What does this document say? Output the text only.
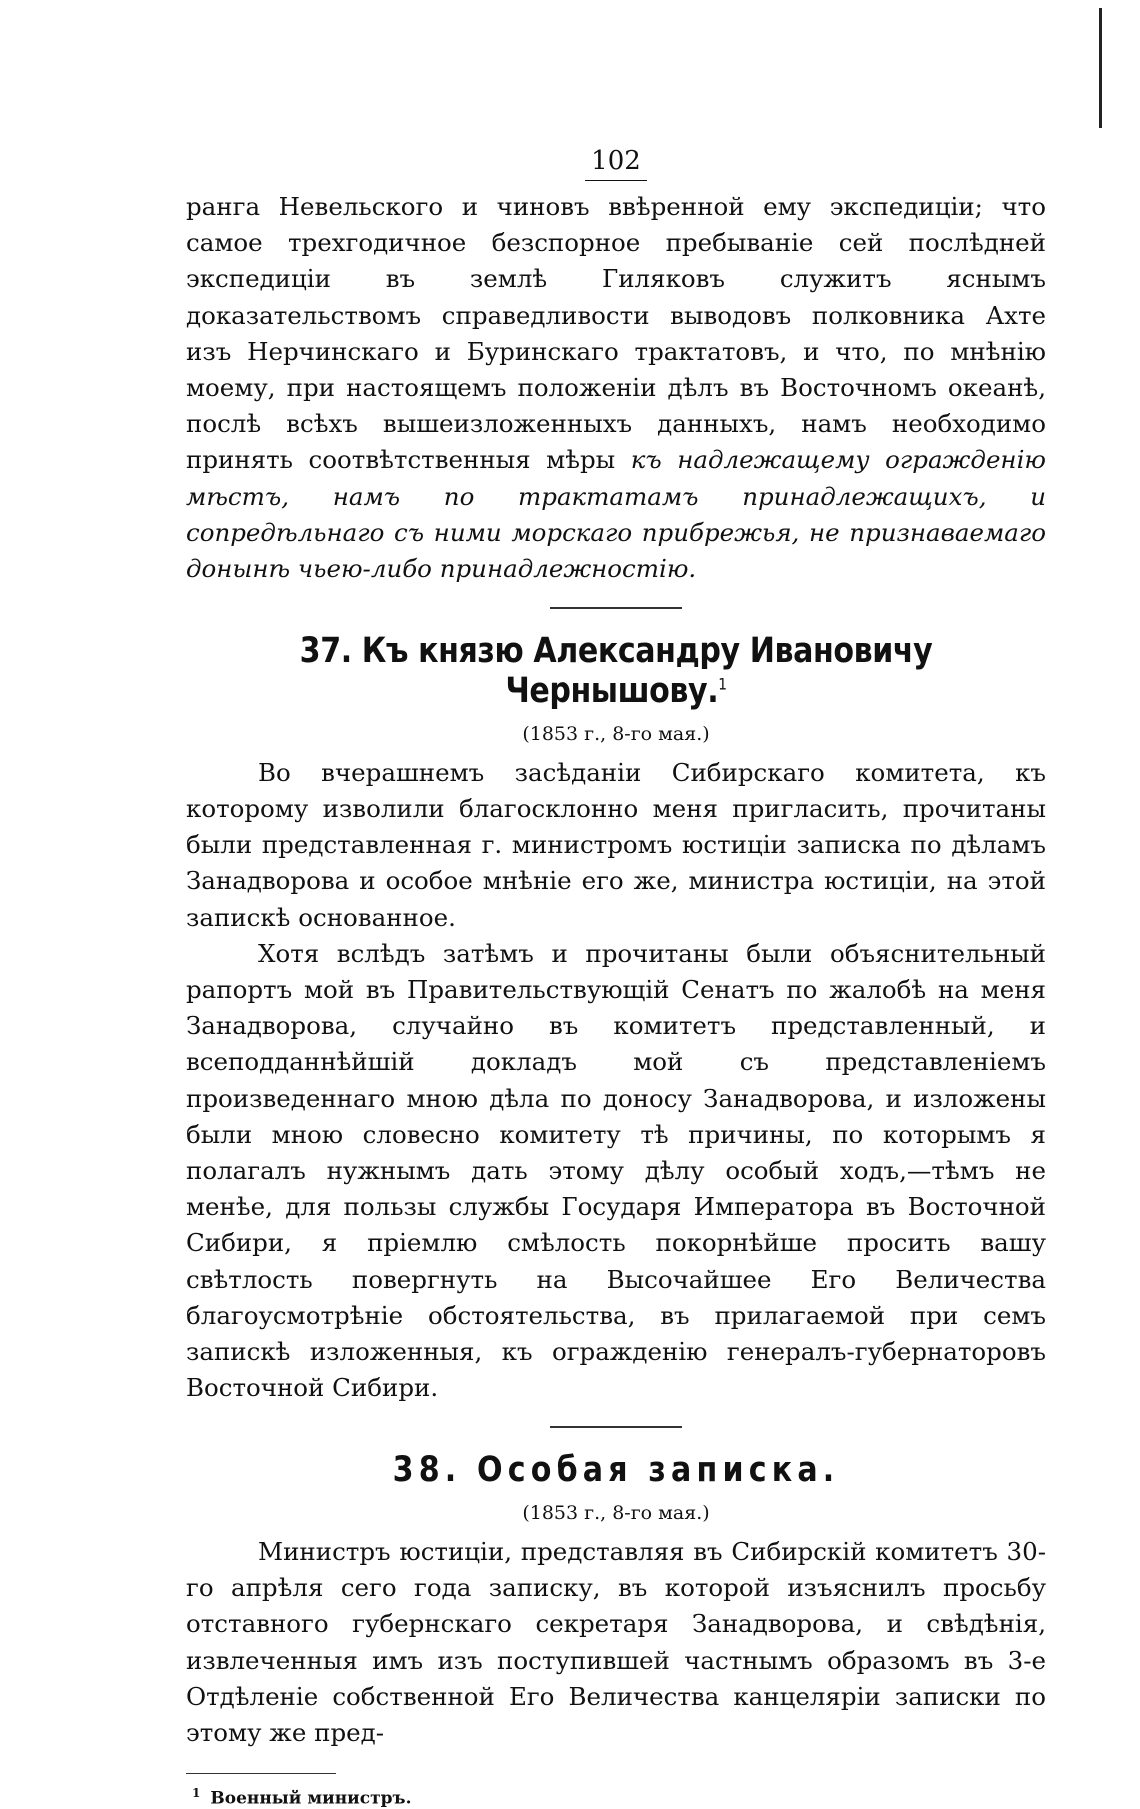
102

ранга Невельского и чиновъ ввѣренной ему экспедиціи; что самое трехгодичное безспорное пребываніе сей послѣдней экспедиціи въ землѣ Гиляковъ служитъ яснымъ доказательствомъ справедливости выводовъ полковника Ахте изъ Нерчинскаго и Буринскаго трактатовъ, и что, по мнѣнію моему, при настоящемъ положеніи дѣлъ въ Восточномъ океанѣ, послѣ всѣхъ вышеизложенныхъ данныхъ, намъ необходимо принять соотвѣтственныя мѣры къ надлежащему огражденію мѣстъ, намъ по трактатамъ принадлежащихъ, и сопредѣльнаго съ ними морскаго прибрежья, не признаваемаго донынѣ чьею-либо принадлежностію.

37. Къ князю Александру Ивановичу Чернышову.$^1$
(1853 г., 8-го мая.)

Во вчерашнемъ засѣданіи Сибирскаго комитета, къ которому изволили благосклонно меня пригласить, прочитаны были представленная г. министромъ юстиціи записка по дѣламъ Занадворова и особое мнѣніе его же, министра юстиціи, на этой запискѣ основанное.

Хотя вслѣдъ затѣмъ и прочитаны были объяснительный рапортъ мой въ Правительствующій Сенатъ по жалобѣ на меня Занадворова, случайно въ комитетъ представленный, и всеподданнѣйшій докладъ мой съ представленіемъ произведеннаго мною дѣла по доносу Занадворова, и изложены были мною словесно комитету тѣ причины, по которымъ я полагалъ нужнымъ дать этому дѣлу особый ходъ,—тѣмъ не менѣе, для пользы службы Государя Императора въ Восточной Сибири, я пріемлю смѣлость покорнѣйше просить вашу свѣтлость повергнуть на Высочайшее Его Величества благоусмотрѣніе обстоятельства, въ прилагаемой при семъ запискѣ изложенныя, къ огражденію генералъ-губернаторовъ Восточной Сибири.

38. Особая записка.
(1853 г., 8-го мая.)

Министръ юстиціи, представляя въ Сибирскій комитетъ 30-го апрѣля сего года записку, въ которой изъяснилъ просьбу отставного губернскаго секретаря Занадворова, и свѣдѣнія, извлеченныя имъ изъ поступившей частнымъ образомъ въ 3-е Отдѣленіе собственной Его Величества канцеляріи записки по этому же пред-

$^1$ Военный министръ.
